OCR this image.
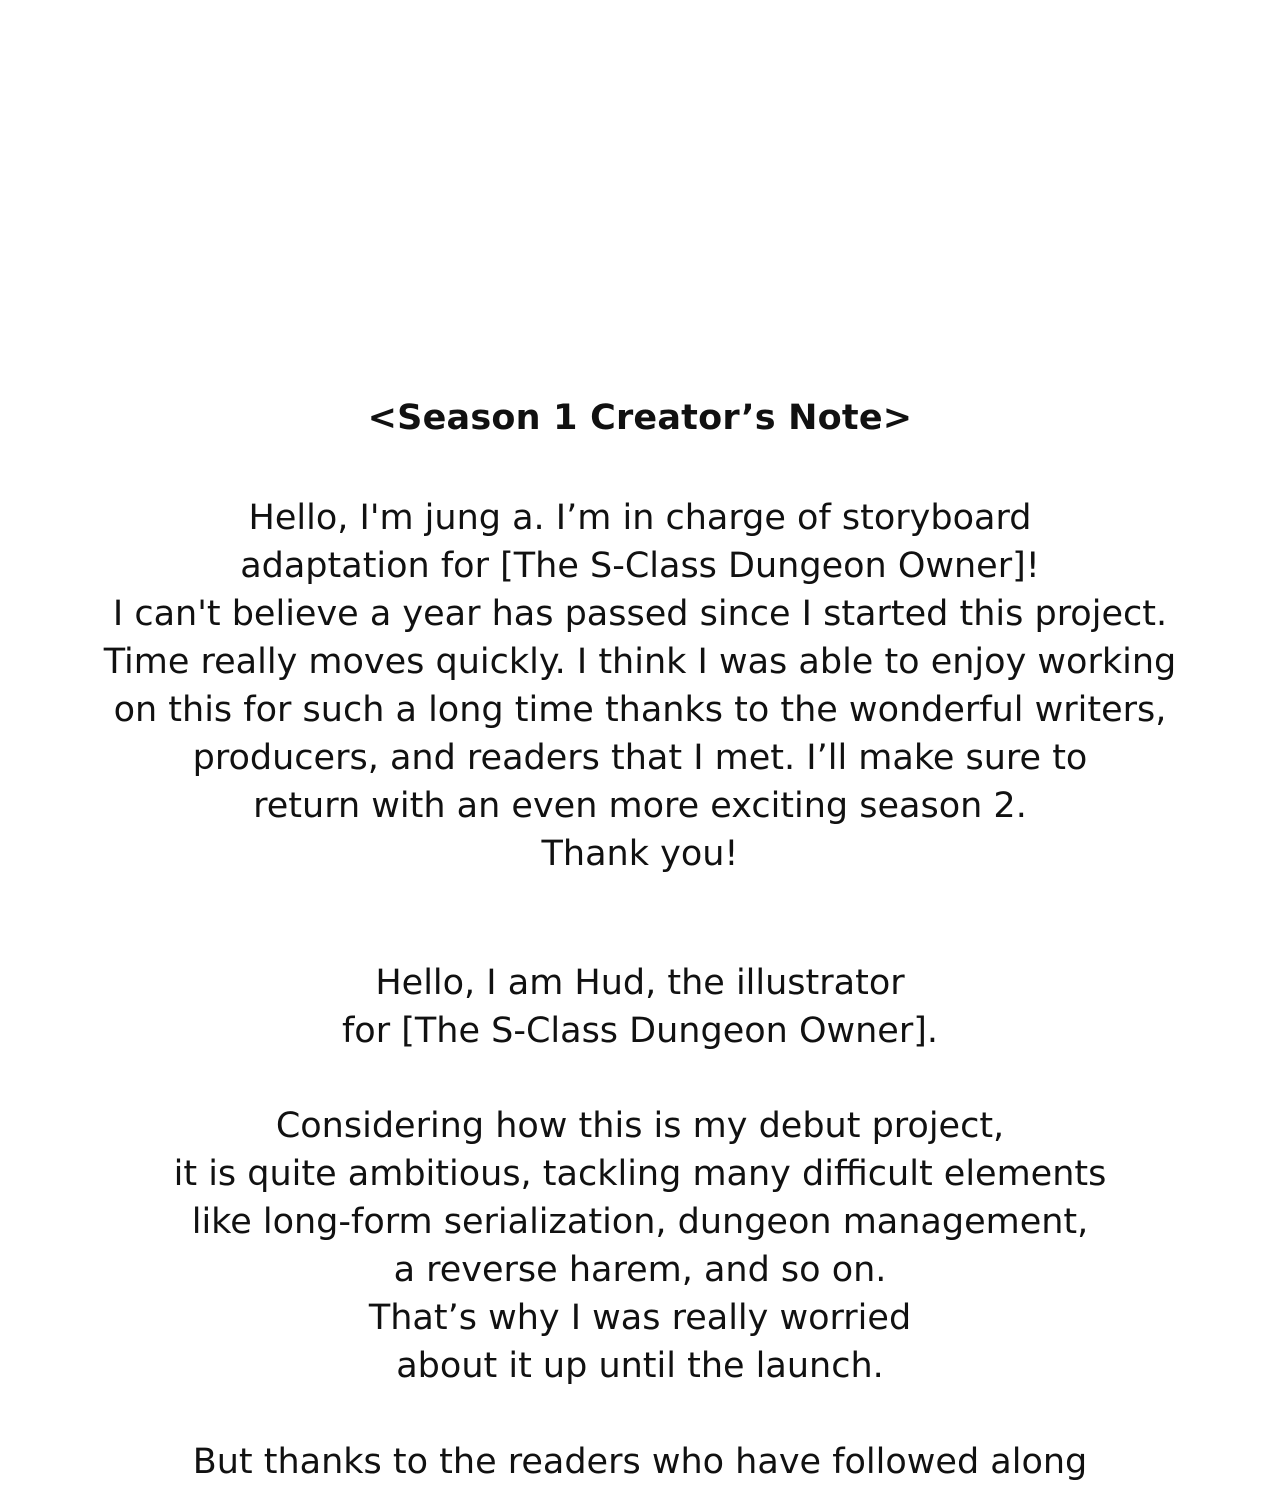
<Season 1 Creator’s Note>
Hello, I'm jung a. I’m in charge of storyboard
adaptation for [The S-Class Dungeon Owner]!
I can't believe a year has passed since I started this project.
Time really moves quickly. I think I was able to enjoy working
on this for such a long time thanks to the wonderful writers,
producers, and readers that I met. I’ll make sure to
return with an even more exciting season 2.
Thank you!
Hello, I am Hud, the illustrator
for [The S-Class Dungeon Owner].
Considering how this is my debut project,
it is quite ambitious, tackling many difficult elements
like long-form serialization, dungeon management,
a reverse harem, and so on.
That’s why I was really worried
about it up until the launch.
But thanks to the readers who have followed along
